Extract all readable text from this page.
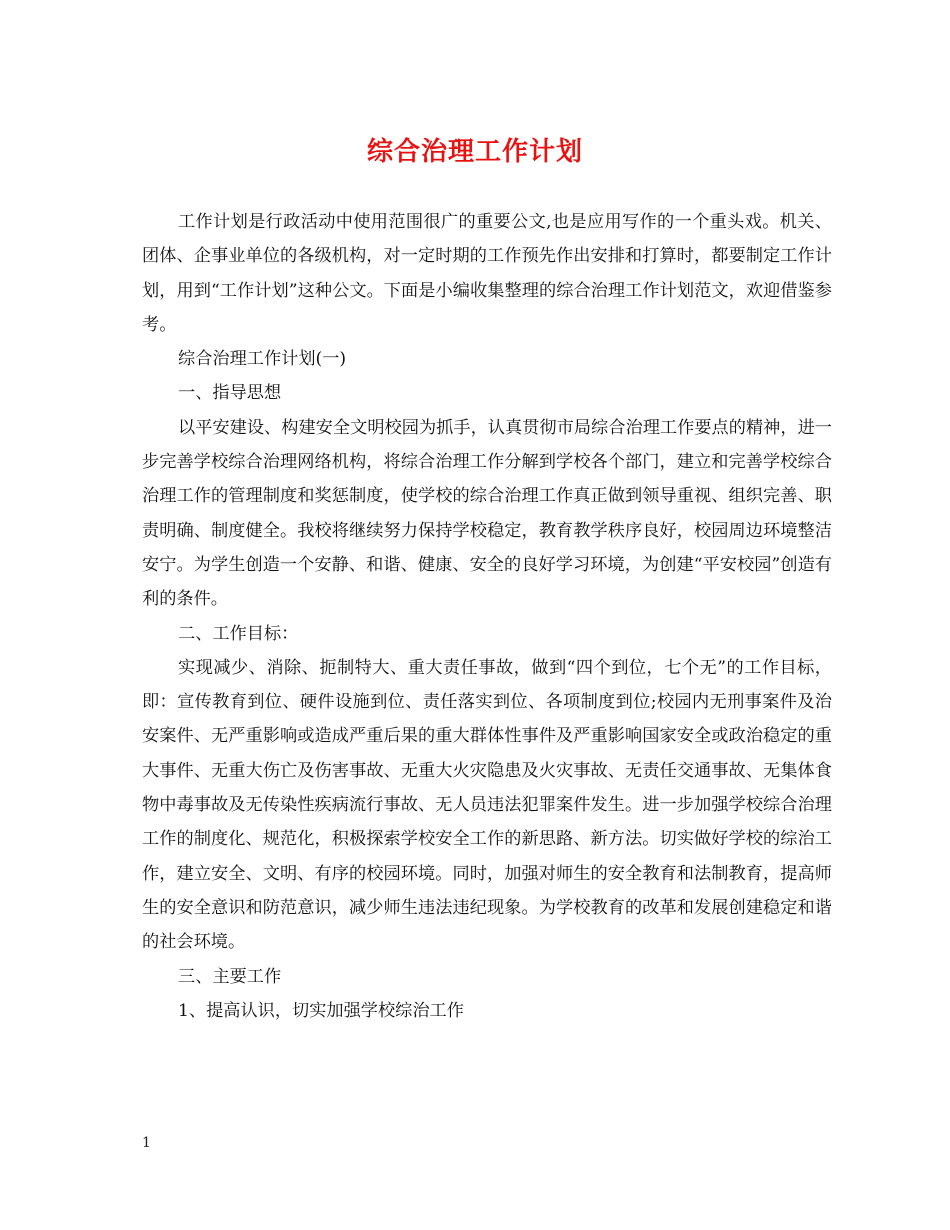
综合治理工作计划

工作计划是行政活动中使用范围很广的重要公文,也是应用写作的一个重头戏。机关、团体、企事业单位的各级机构，对一定时期的工作预先作出安排和打算时，都要制定工作计划，用到“工作计划”这种公文。下面是小编收集整理的综合治理工作计划范文，欢迎借鉴参考。

综合治理工作计划(一)

一、指导思想

以平安建设、构建安全文明校园为抓手，认真贯彻市局综合治理工作要点的精神，进一步完善学校综合治理网络机构，将综合治理工作分解到学校各个部门，建立和完善学校综合治理工作的管理制度和奖惩制度，使学校的综合治理工作真正做到领导重视、组织完善、职责明确、制度健全。我校将继续努力保持学校稳定，教育教学秩序良好，校园周边环境整洁安宁。为学生创造一个安静、和谐、健康、安全的良好学习环境，为创建“平安校园”创造有利的条件。

二、工作目标：

实现减少、消除、扼制特大、重大责任事故，做到“四个到位，七个无”的工作目标，即：宣传教育到位、硬件设施到位、责任落实到位、各项制度到位;校园内无刑事案件及治安案件、无严重影响或造成严重后果的重大群体性事件及严重影响国家安全或政治稳定的重大事件、无重大伤亡及伤害事故、无重大火灾隐患及火灾事故、无责任交通事故、无集体食物中毒事故及无传染性疾病流行事故、无人员违法犯罪案件发生。进一步加强学校综合治理工作的制度化、规范化，积极探索学校安全工作的新思路、新方法。切实做好学校的综治工作，建立安全、文明、有序的校园环境。同时，加强对师生的安全教育和法制教育，提高师生的安全意识和防范意识，减少师生违法违纪现象。为学校教育的改革和发展创建稳定和谐的社会环境。

三、主要工作

1、提高认识，切实加强学校综治工作

1
